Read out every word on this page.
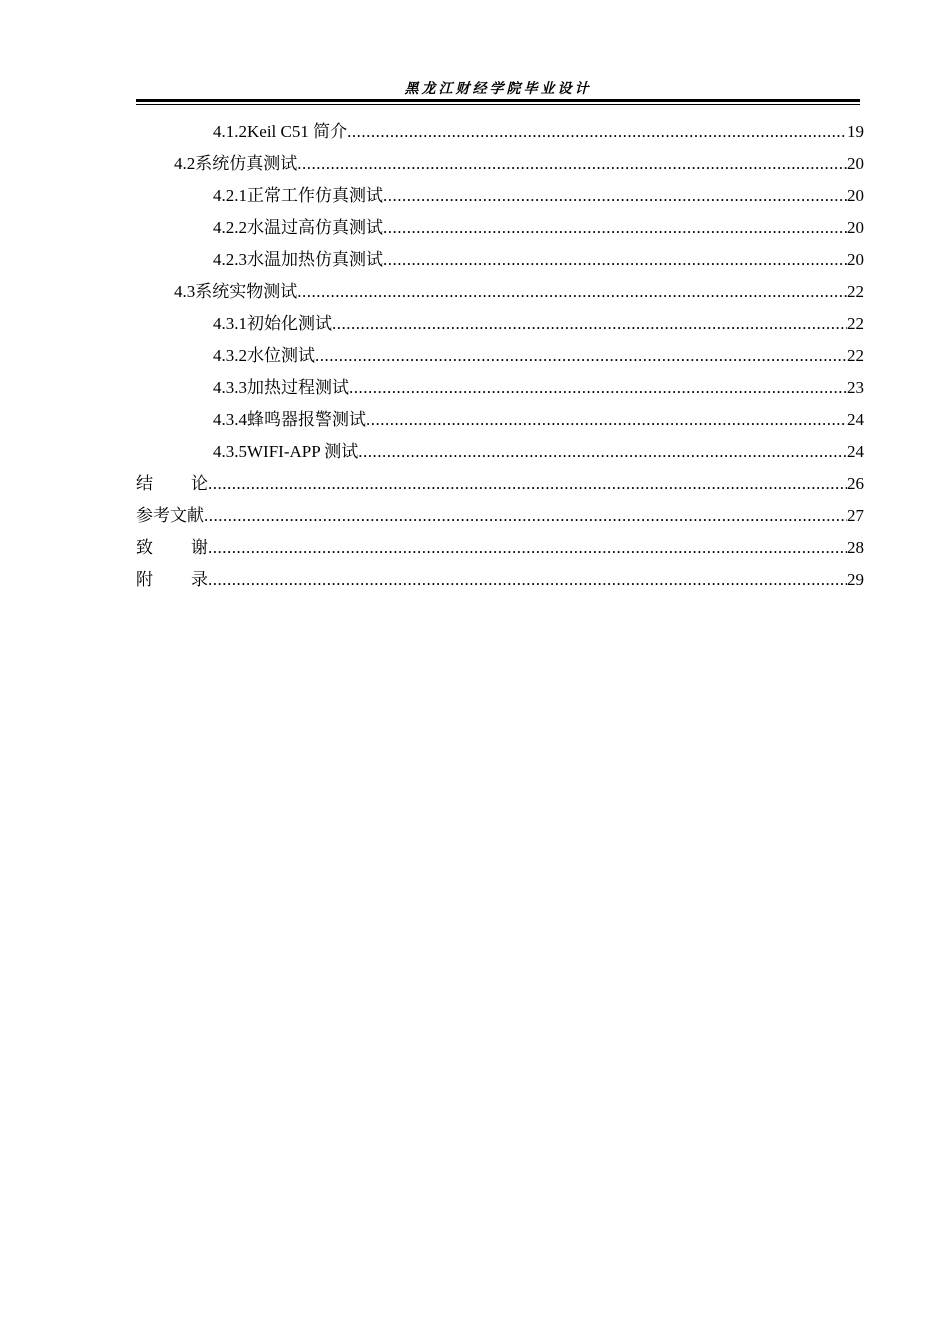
黑龙江财经学院毕业设计
4.1.2 Keil C51 简介 .....	19
4.2 系统仿真测试 .....	20
4.2.1 正常工作仿真测试 .....	20
4.2.2 水温过高仿真测试 .....	20
4.2.3 水温加热仿真测试 .....	20
4.3 系统实物测试 .....	22
4.3.1 初始化测试 .....	22
4.3.2 水位测试 .....	22
4.3.3 加热过程测试 .....	23
4.3.4 蜂鸣器报警测试 .....	24
4.3.5 WIFI-APP 测试 .....	24
结论 .....	26
参考文献 .....	27
致谢 .....	28
附录 .....	29
